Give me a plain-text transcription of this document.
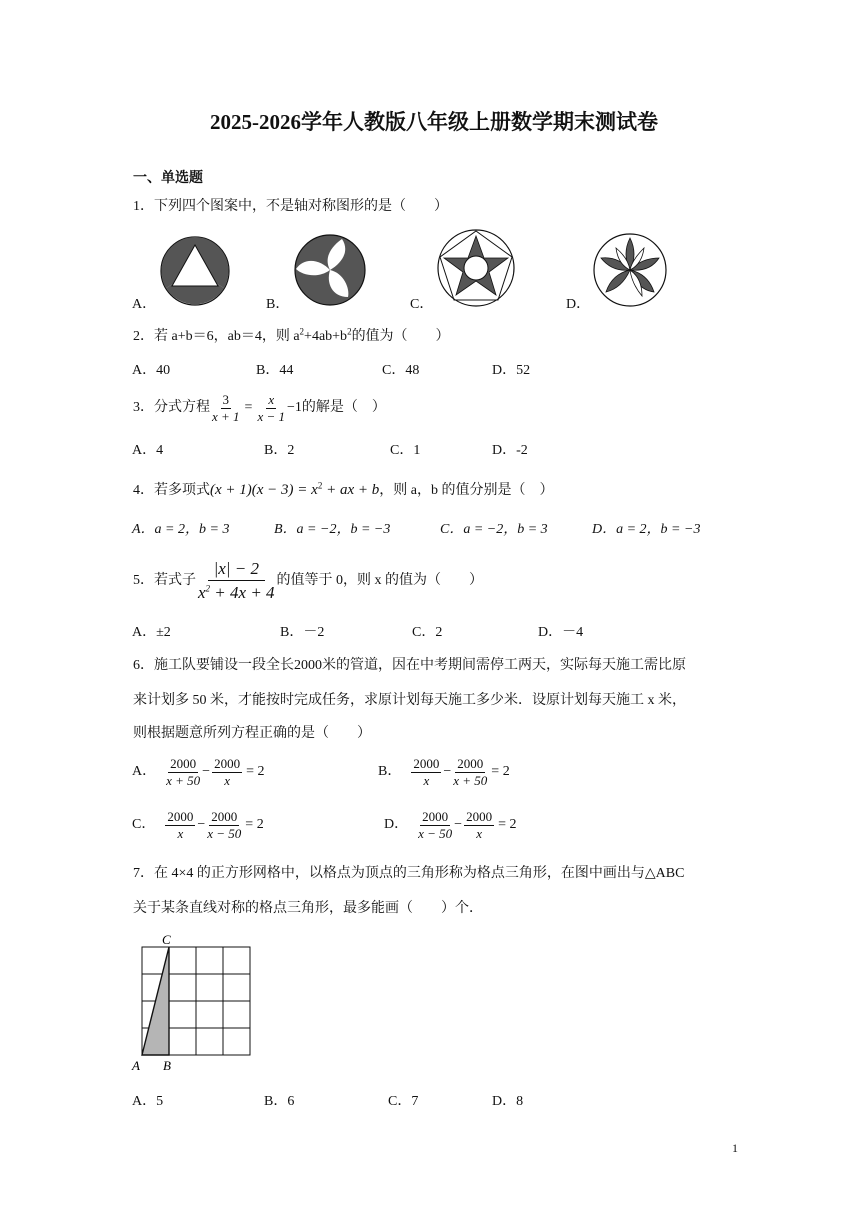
2025-2026学年人教版八年级上册数学期末测试卷
一、单选题
1．下列四个图案中，不是轴对称图形的是（　　）
A．	B．	C．	D．
2．若 a+b＝6，ab＝4，则 $a^2+4ab+b^2$的值为（　　）
A．40	B．44	C．48	D．52
3．分式方程 $\frac{3}{x + 1} = \frac{x}{x - 1} -1$的解是（　）
A．4	B．2	C．1	D．-2
4．若多项式$(x + 1)(x - 3) = x^2$ + ax + b，则 a，b 的值分别是（　）
A．a = 2，b = 3	B．a = −2，b = −3	C．a = −2，b = 3	D．a = 2，b = −3
5．若式子 $\frac{|x| - 2}{x^2 + 4x + 4}$ 的值等于 0，则 x 的值为（　　）
A．±2	B．－2	C．2	D．－4
6．施工队要铺设一段全长2000米的管道，因在中考期间需停工两天，实际每天施工需比原
来计划多 50 米，才能按时完成任务，求原计划每天施工多少米．设原计划每天施工 x 米，
则根据题意所列方程正确的是（　　）
A． $\frac{2000}{x + 50} - \frac{2000}{x} = 2$	B． $\frac{2000}{x} - \frac{2000}{x + 50} = 2$
C． $\frac{2000}{x} - \frac{2000}{x - 50} = 2$	D． $\frac{2000}{x - 50} - \frac{2000}{x} = 2$
7．在 4×4 的正方形网格中，以格点为顶点的三角形称为格点三角形，在图中画出与△ABC
关于某条直线对称的格点三角形，最多能画（　　）个．
C
A B
A．5	B．6	C．7	D．8
1
